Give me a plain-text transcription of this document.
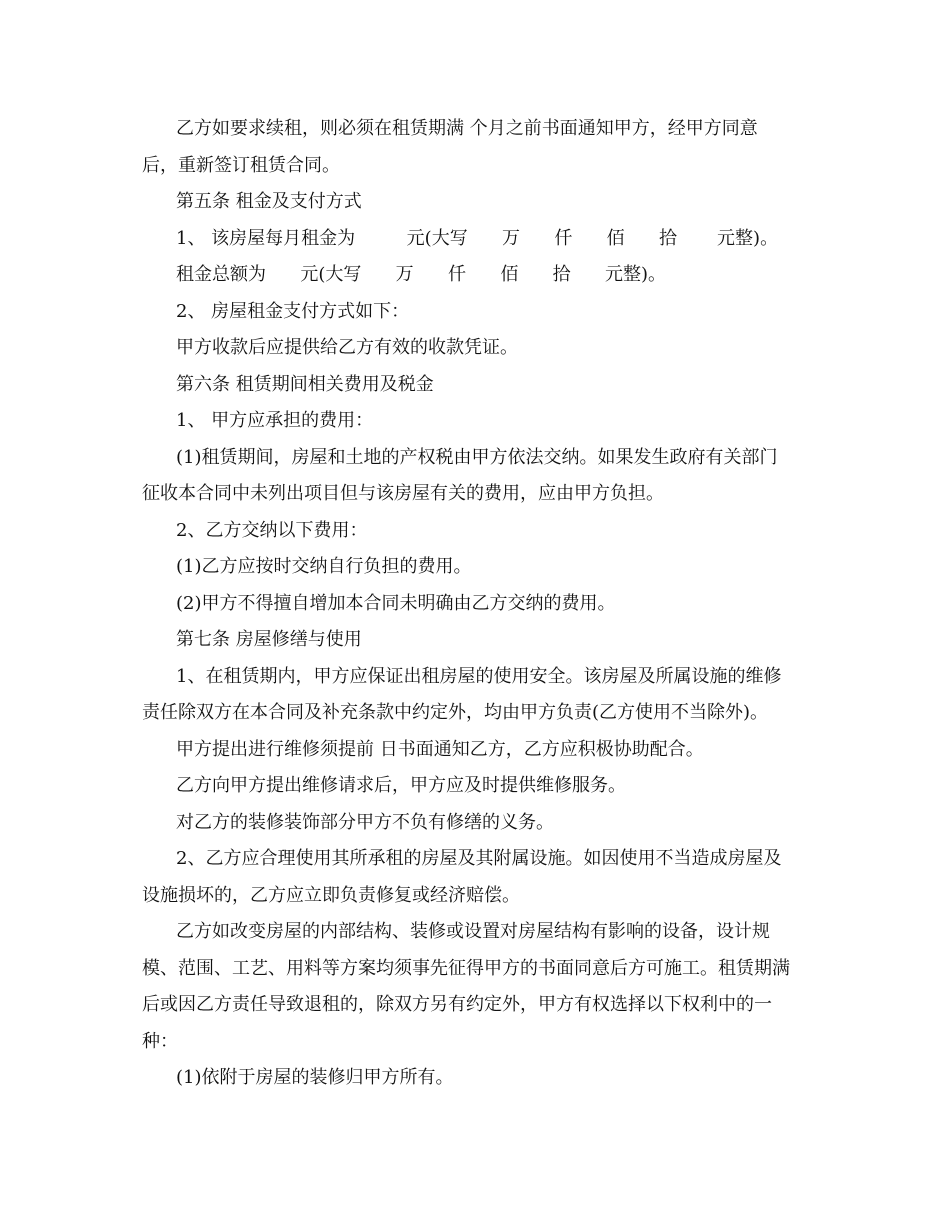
乙方如要求续租，则必须在租赁期满 个月之前书面通知甲方，经甲方同意

后，重新签订租赁合同。

第五条 租金及支付方式

1、 该房屋每月租金为         元(大写      万      仟      佰      拾       元整)。

租金总额为      元(大写      万      仟      佰      拾      元整)。

2、 房屋租金支付方式如下：

甲方收款后应提供给乙方有效的收款凭证。

第六条 租赁期间相关费用及税金

1、 甲方应承担的费用：

(1)租赁期间，房屋和土地的产权税由甲方依法交纳。如果发生政府有关部门

征收本合同中未列出项目但与该房屋有关的费用，应由甲方负担。

2、乙方交纳以下费用：

(1)乙方应按时交纳自行负担的费用。

(2)甲方不得擅自增加本合同未明确由乙方交纳的费用。

第七条 房屋修缮与使用

1、在租赁期内，甲方应保证出租房屋的使用安全。该房屋及所属设施的维修

责任除双方在本合同及补充条款中约定外，均由甲方负责(乙方使用不当除外)。

甲方提出进行维修须提前 日书面通知乙方，乙方应积极协助配合。

乙方向甲方提出维修请求后，甲方应及时提供维修服务。

对乙方的装修装饰部分甲方不负有修缮的义务。

2、乙方应合理使用其所承租的房屋及其附属设施。如因使用不当造成房屋及

设施损坏的，乙方应立即负责修复或经济赔偿。

乙方如改变房屋的内部结构、装修或设置对房屋结构有影响的设备，设计规

模、范围、工艺、用料等方案均须事先征得甲方的书面同意后方可施工。租赁期满

后或因乙方责任导致退租的，除双方另有约定外，甲方有权选择以下权利中的一

种：

(1)依附于房屋的装修归甲方所有。
